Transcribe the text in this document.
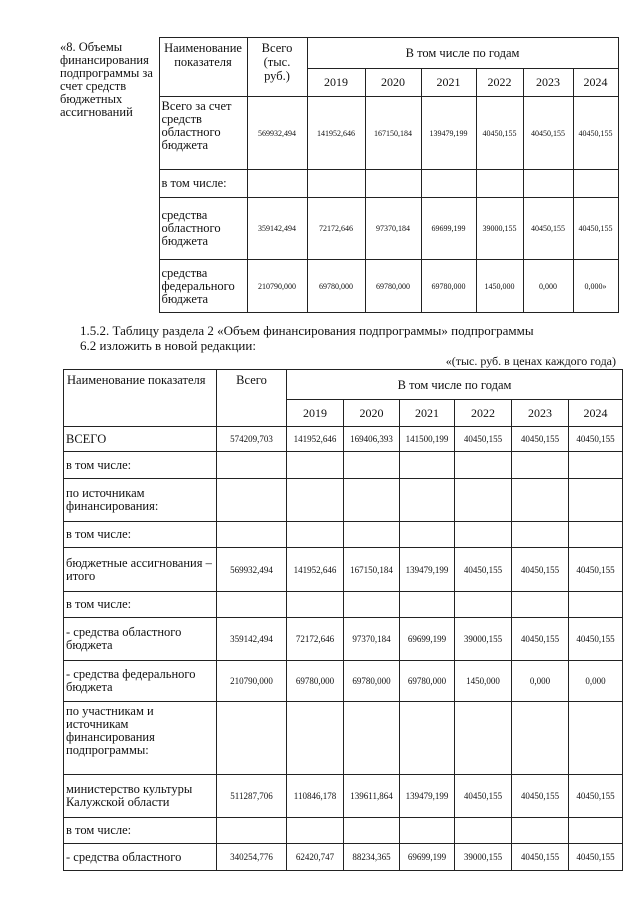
«8. Объемы финансирования подпрограммы за счет средств бюджетных ассигнований	Наименование показателя	Всего (тыс. руб.)	В том числе по годам						
			2019	2020	2021	2022	2023	2024	
	Всего за счет средств областного бюджета	569932,494	141952,646	167150,184	139479,199	40450,155	40450,155	40450,155	
	в том числе:								
	средства областного бюджета	359142,494	72172,646	97370,184	69699,199	39000,155	40450,155	40450,155	
	средства федерального бюджета	210790,000	69780,000	69780,000	69780,000	1450,000	0,000	0,000»	

1.5.2. Таблицу раздела 2 «Объем финансирования подпрограммы» подпрограммы

6.2 изложить в новой редакции:

«(тыс. руб. в ценах каждого года)

Наименование показателя	Всего	В том числе по годам					
		2019	2020	2021	2022	2023	2024
ВСЕГО	574209,703	141952,646	169406,393	141500,199	40450,155	40450,155	40450,155
в том числе:							
по источникам финансирования:							
в том числе:							
бюджетные ассигнования – итого	569932,494	141952,646	167150,184	139479,199	40450,155	40450,155	40450,155
в том числе:							
- средства областного бюджета	359142,494	72172,646	97370,184	69699,199	39000,155	40450,155	40450,155
- средства федерального бюджета	210790,000	69780,000	69780,000	69780,000	1450,000	0,000	0,000
по участникам и источникам финансирования подпрограммы:							
министерство культуры Калужской области	511287,706	110846,178	139611,864	139479,199	40450,155	40450,155	40450,155
в том числе:							
- средства областного	340254,776	62420,747	88234,365	69699,199	39000,155	40450,155	40450,155
